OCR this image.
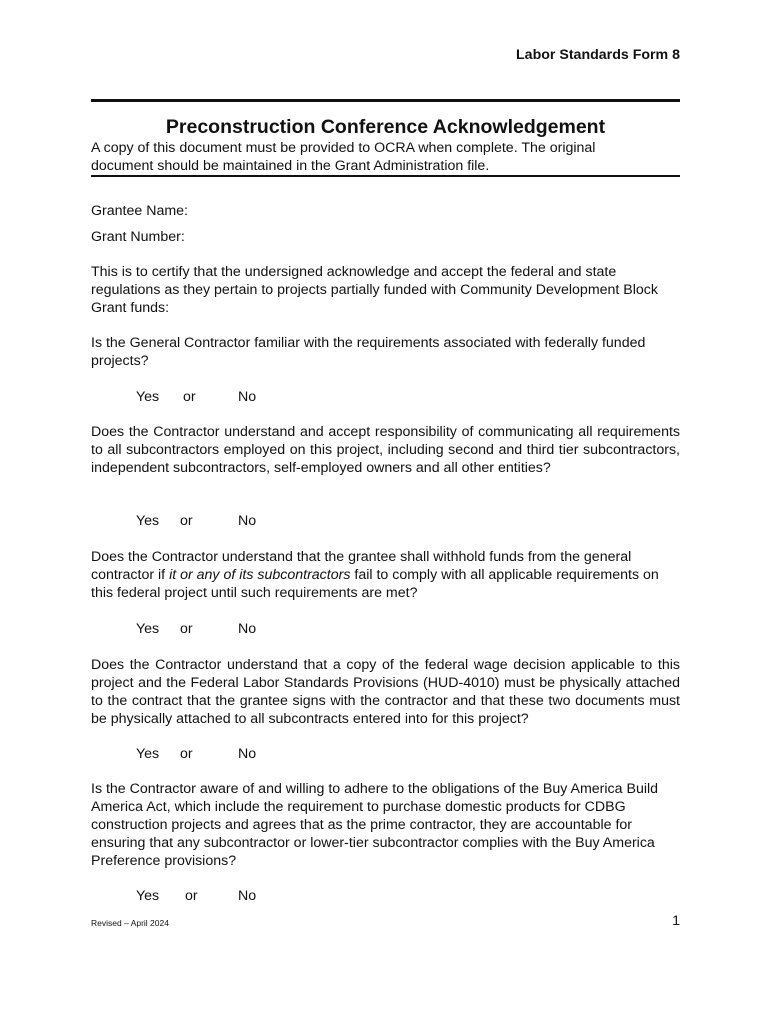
Labor Standards Form 8
Preconstruction Conference Acknowledgement

A copy of this document must be provided to OCRA when complete. The original document should be maintained in the Grant Administration file.

Grantee Name:
Grant Number:

This is to certify that the undersigned acknowledge and accept the federal and state regulations as they pertain to projects partially funded with Community Development Block Grant funds:

Is the General Contractor familiar with the requirements associated with federally funded projects?

Yes or	No

Does the Contractor understand and accept responsibility of communicating all requirements to all subcontractors employed on this project, including second and third tier subcontractors, independent subcontractors, self-employed owners and all other entities?

Yes or	No

Does the Contractor understand that the grantee shall withhold funds from the general contractor if it or any of its subcontractors fail to comply with all applicable requirements on this federal project until such requirements are met?

Yes or	No

Does the Contractor understand that a copy of the federal wage decision applicable to this project and the Federal Labor Standards Provisions (HUD-4010) must be physically attached to the contract that the grantee signs with the contractor and that these two documents must be physically attached to all subcontracts entered into for this project?

Yes or	No

Is the Contractor aware of and willing to adhere to the obligations of the Buy America Build America Act, which include the requirement to purchase domestic products for CDBG construction projects and agrees that as the prime contractor, they are accountable for ensuring that any subcontractor or lower-tier subcontractor complies with the Buy America Preference provisions?

Yes or	No
Revised – April 2024	1
